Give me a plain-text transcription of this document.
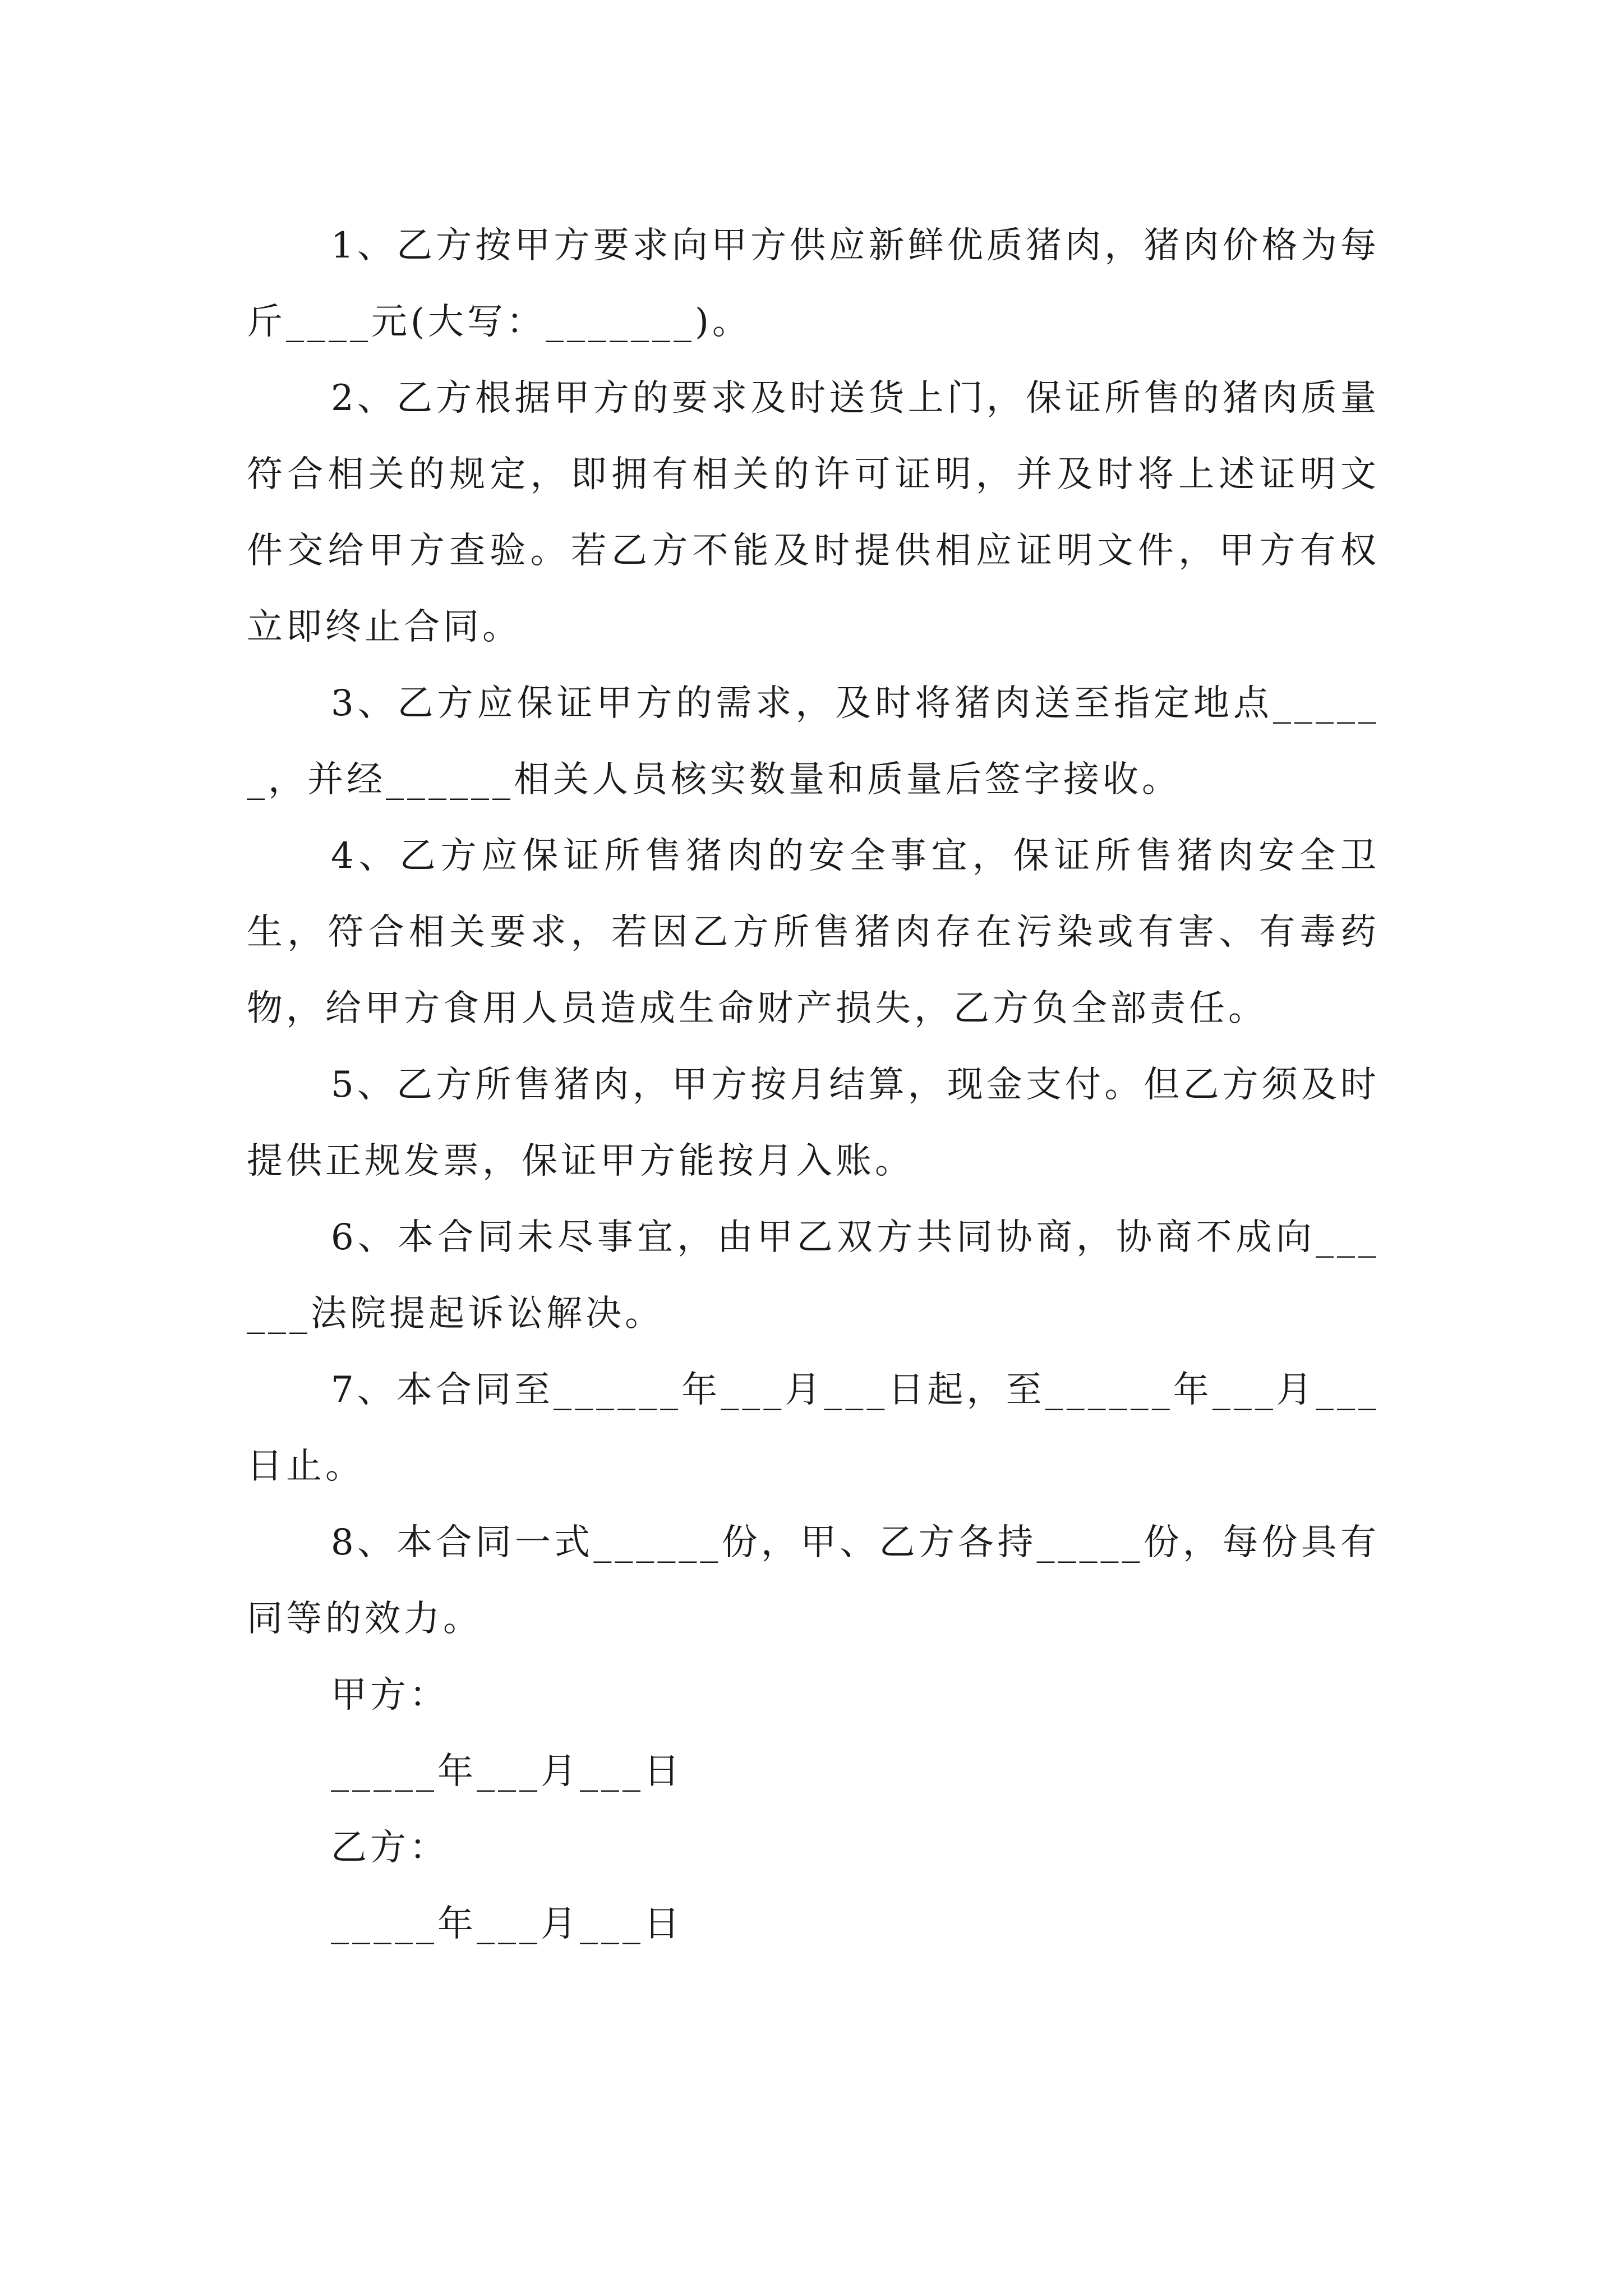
1、乙方按甲方要求向甲方供应新鲜优质猪肉，猪肉价格为每斤____元(大写：_______)。

2、乙方根据甲方的要求及时送货上门，保证所售的猪肉质量符合相关的规定，即拥有相关的许可证明，并及时将上述证明文件交给甲方查验。若乙方不能及时提供相应证明文件，甲方有权立即终止合同。

3、乙方应保证甲方的需求，及时将猪肉送至指定地点______，并经______相关人员核实数量和质量后签字接收。

4、乙方应保证所售猪肉的安全事宜，保证所售猪肉安全卫生，符合相关要求，若因乙方所售猪肉存在污染或有害、有毒药物，给甲方食用人员造成生命财产损失，乙方负全部责任。

5、乙方所售猪肉，甲方按月结算，现金支付。但乙方须及时提供正规发票，保证甲方能按月入账。

6、本合同未尽事宜，由甲乙双方共同协商，协商不成向______法院提起诉讼解决。

7、本合同至______年___月___日起，至______年___月___日止。

8、本合同一式______份，甲、乙方各持_____份，每份具有同等的效力。

甲方：

_____年___月___日

乙方：

_____年___月___日
